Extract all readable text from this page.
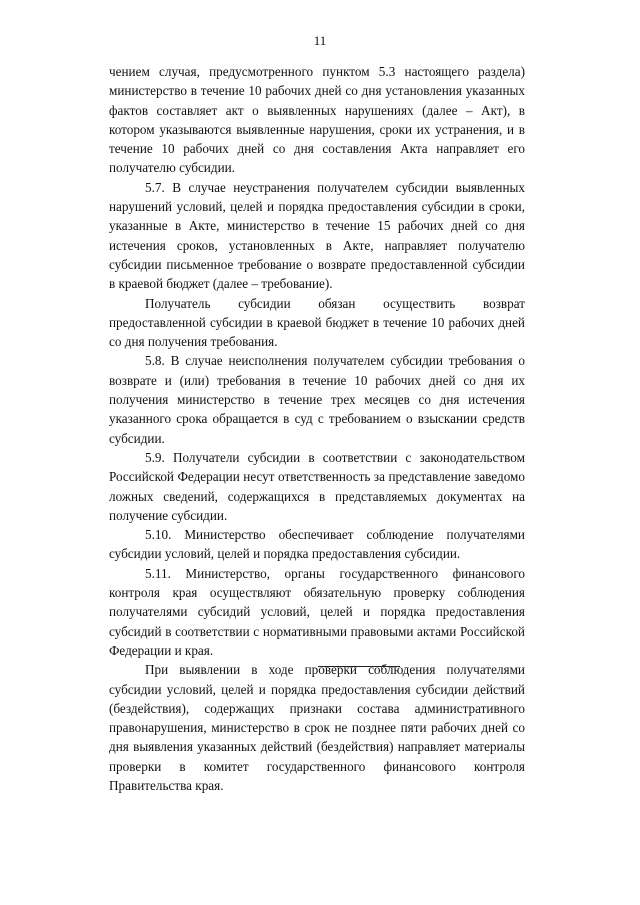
11

чением случая, предусмотренного пунктом 5.3 настоящего раздела) министерство в течение 10 рабочих дней со дня установления указанных фактов составляет акт о выявленных нарушениях (далее – Акт), в котором указываются выявленные нарушения, сроки их устранения, и в течение 10 рабочих дней со дня составления Акта направляет его получателю субсидии.

5.7. В случае неустранения получателем субсидии выявленных нарушений условий, целей и порядка предоставления субсидии в сроки, указанные в Акте, министерство в течение 15 рабочих дней со дня истечения сроков, установленных в Акте, направляет получателю субсидии письменное требование о возврате предоставленной субсидии в краевой бюджет (далее – требование).

Получатель субсидии обязан осуществить возврат предоставленной субсидии в краевой бюджет в течение 10 рабочих дней со дня получения требования.

5.8. В случае неисполнения получателем субсидии требования о возврате и (или) требования в течение 10 рабочих дней со дня их получения министерство в течение трех месяцев со дня истечения указанного срока обращается в суд с требованием о взыскании средств субсидии.

5.9. Получатели субсидии в соответствии с законодательством Российской Федерации несут ответственность за представление заведомо ложных сведений, содержащихся в представляемых документах на получение субсидии.

5.10. Министерство обеспечивает соблюдение получателями субсидии условий, целей и порядка предоставления субсидии.

5.11. Министерство, органы государственного финансового контроля края осуществляют обязательную проверку соблюдения получателями субсидий условий, целей и порядка предоставления субсидий в соответствии с нормативными правовыми актами Российской Федерации и края.

При выявлении в ходе проверки соблюдения получателями субсидии условий, целей и порядка предоставления субсидии действий (бездействия), содержащих признаки состава административного правонарушения, министерство в срок не позднее пяти рабочих дней со дня выявления указанных действий (бездействия) направляет материалы проверки в комитет государственного финансового контроля Правительства края.
